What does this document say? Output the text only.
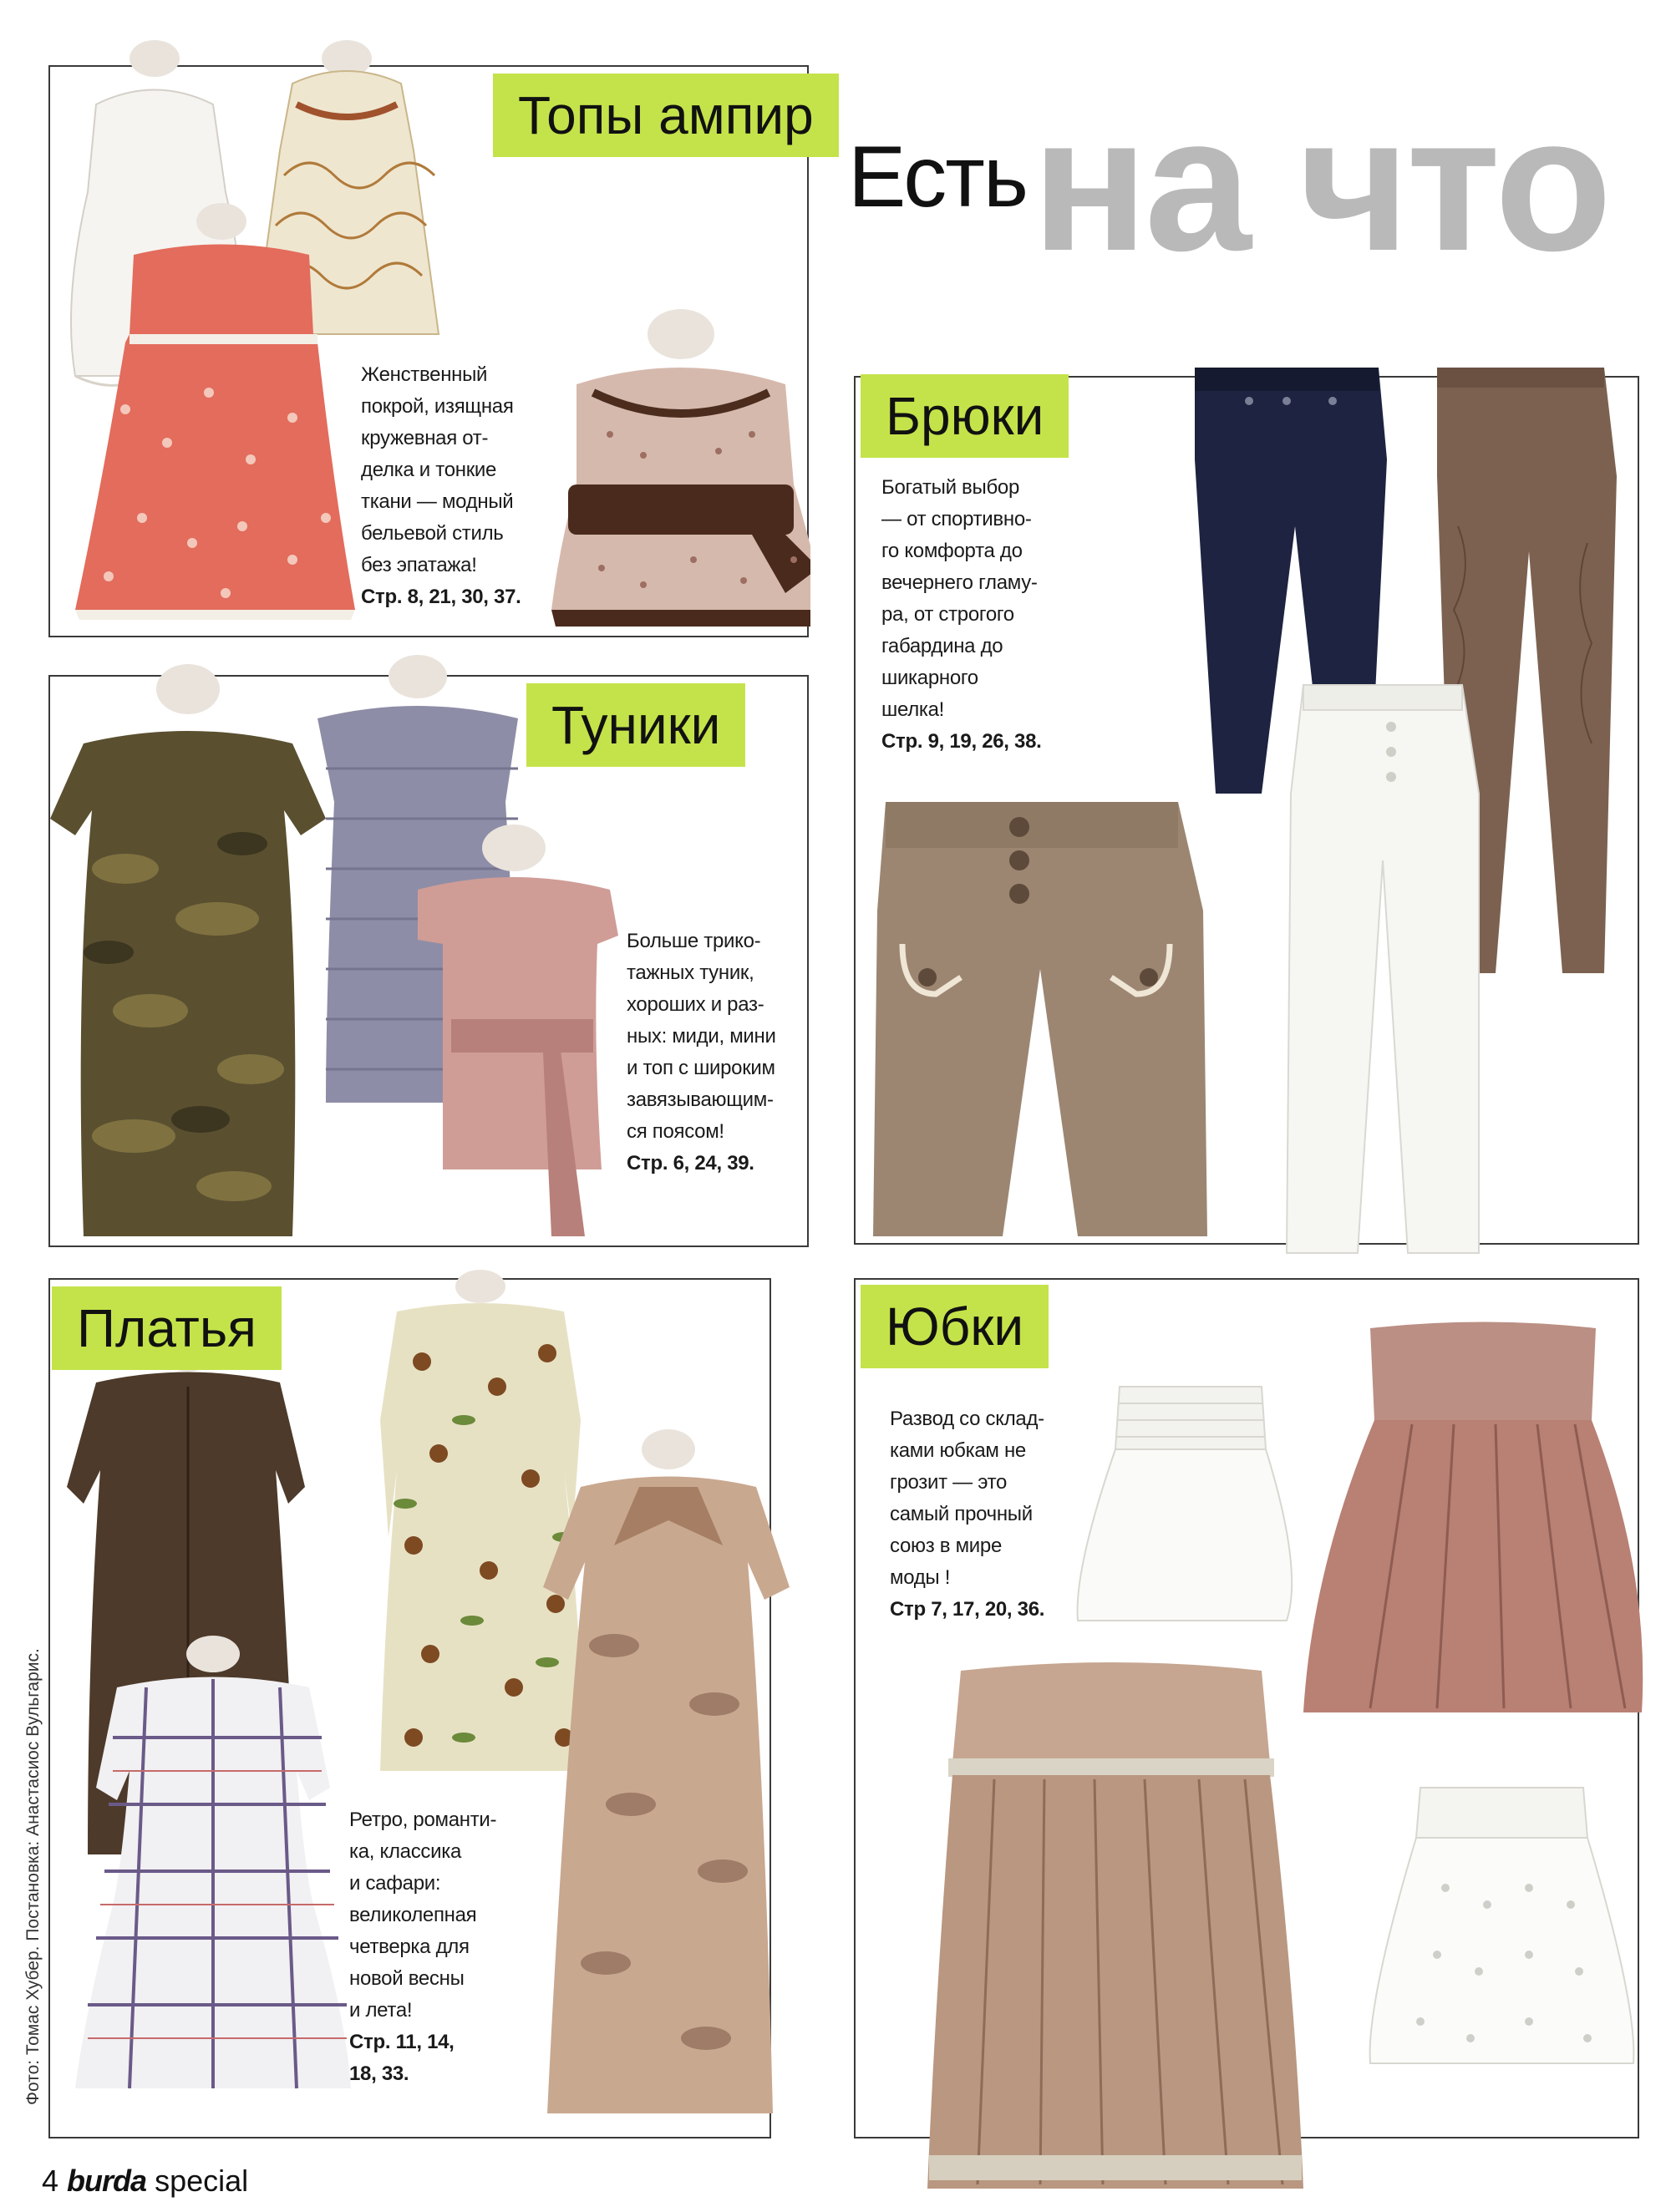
Есть на что
Топы ампир
Женственный
покрой, изящная
кружевная от-
делка и тонкие
ткани — модный
бельевой стиль
без эпатажа!
Стр. 8, 21, 30, 37.
Туники
Больше трико-
тажных туник,
хороших и раз-
ных: миди, мини
и топ с широким
завязывающим-
ся поясом!
Стр. 6, 24, 39.
Платья
Ретро, романти-
ка, классика
и сафари:
великолепная
четверка для
новой весны
и лета!
Стр. 11, 14,
18, 33.
Брюки
Богатый выбор
— от спортивно-
го комфорта до
вечернего гламу-
ра, от строгого
габардина до
шикарного
шелка!
Стр. 9, 19, 26, 38.
Юбки
Развод со склад-
ками юбкам не
грозит — это
самый прочный
союз в мире
моды !
Стр 7, 17, 20, 36.
Фото: Томас Хубер. Постановка: Анастасиос Вульгарис.
4 burda special
